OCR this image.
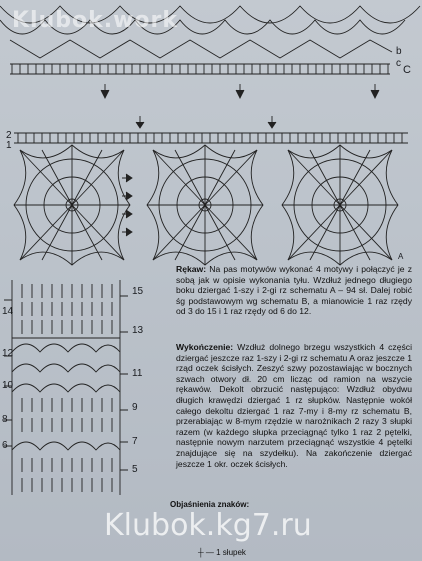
Klubok.work
b
c
C
2
1
A
15
13
11
9
7
5
14
12
10
8
6
Rękaw: Na pas motywów wykonać 4 motywy i połączyć je z sobą jak w opisie wykonania tyłu. Wzdłuż jednego długiego boku dziergać 1-szy i 2-gi rz schematu A – 94 sł. Dalej robić śg podstawowym wg schematu B, a mianowicie 1 raz rzędy od 3 do 15 i 1 raz rzędy od 6 do 12.
Wykończenie: Wzdłuż dolnego brzegu wszystkich 4 części dziergać jeszcze raz 1-szy i 2-gi rz schematu A oraz jeszcze 1 rząd oczek ścisłych. Zeszyć szwy pozostawiając w bocznych szwach otwory dł. 20 cm licząc od ramion na wszycie rękawów. Dekolt obrzucić następująco: Wzdłuż obydwu długich krawędzi dziergać 1 rz słupków. Następnie wokół całego dekoltu dziergać 1 raz 7-my i 8-my rz schematu B, przerabiając w 8-mym rzędzie w narożnikach 2 razy 3 słupki razem (w każdego słupka przeciągnąć tylko 1 raz 2 pętelki, następnie nowym narzutem przeciągnąć wszystkie 4 pętelki znajdujące się na szydełku). Na zakończenie dziergać jeszcze 1 okr. oczek ścisłych.
Objaśnienia znaków:
┼ — 1 słupek
Klubok.kg7.ru
